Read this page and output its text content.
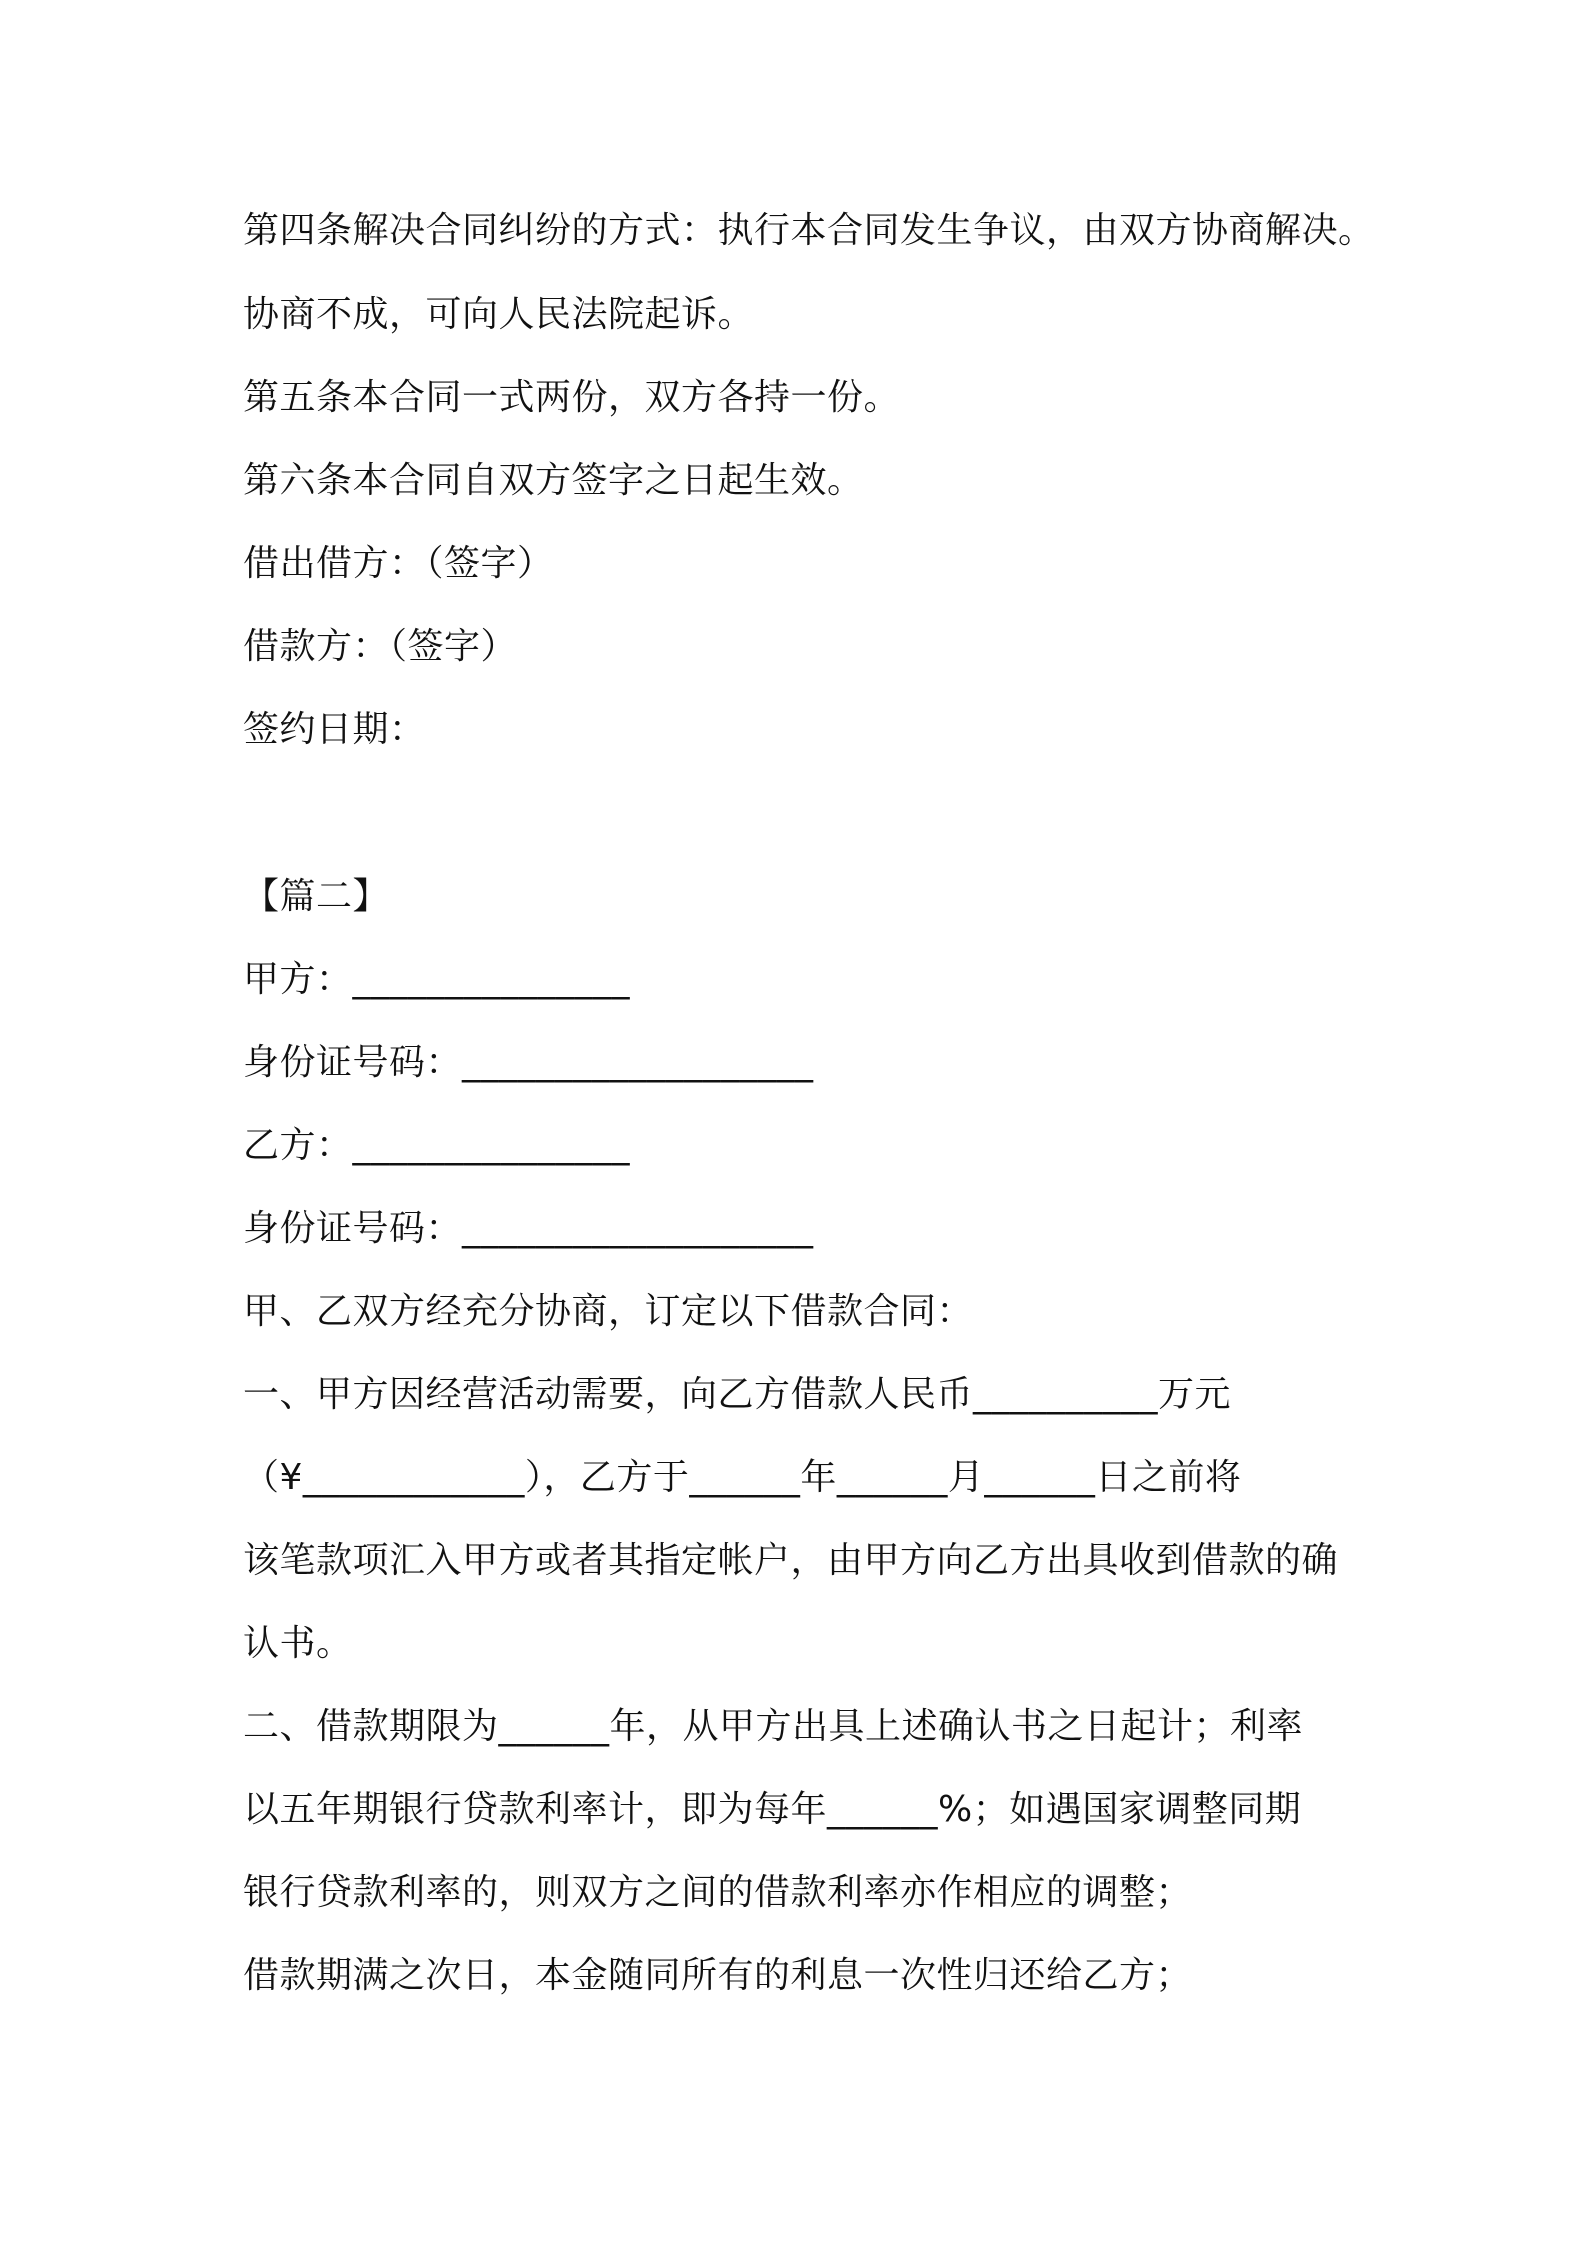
第四条解决合同纠纷的方式：执行本合同发生争议，由双方协商解决。
协商不成，可向人民法院起诉。
第五条本合同一式两份，双方各持一份。
第六条本合同自双方签字之日起生效。
借出借方：（签字）
借款方：（签字）
签约日期：
【篇二】
甲方：_______________
身份证号码：___________________
乙方：_______________
身份证号码：___________________
甲、乙双方经充分协商，订定以下借款合同：
一、甲方因经营活动需要，向乙方借款人民币__________万元
（¥____________），乙方于______年______月______日之前将
该笔款项汇入甲方或者其指定帐户，由甲方向乙方出具收到借款的确
认书。
二、借款期限为______年，从甲方出具上述确认书之日起计；利率
以五年期银行贷款利率计，即为每年______%；如遇国家调整同期
银行贷款利率的，则双方之间的借款利率亦作相应的调整；
借款期满之次日，本金随同所有的利息一次性归还给乙方；
